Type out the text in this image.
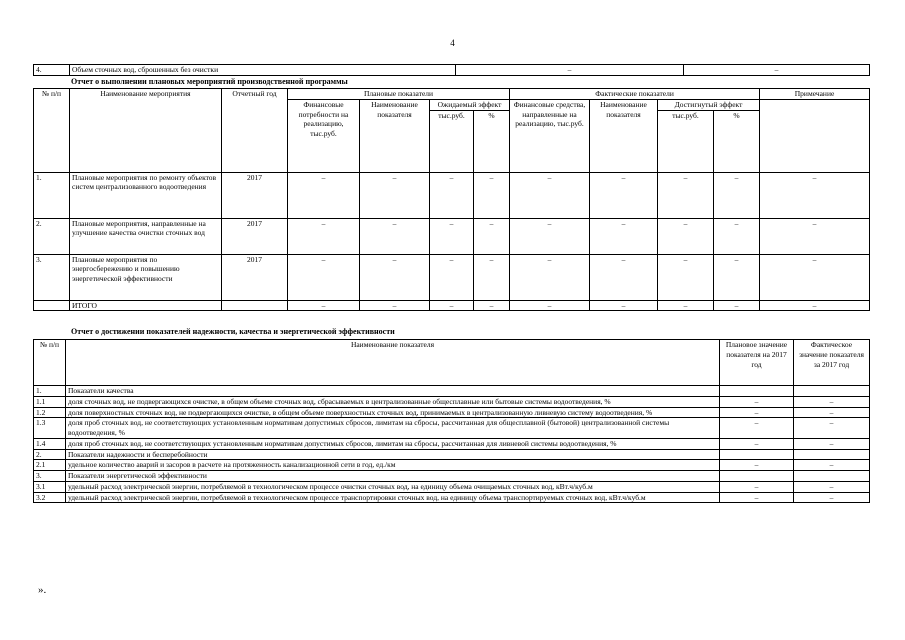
4
4.	Объем сточных вод, сброшенных без очистки	–	–
Отчет о выполнении плановых мероприятий производственной программы
№ п/п	Наименование мероприятия	Отчетный год	Плановые показатели				Фактические показатели				Примечание
			Финансовые потребности на реализацию, тыс.руб.	Наименование показателя	Ожидаемый эффект		Финансовые средства, направленные на реализацию, тыс.руб.	Наименование показателя	Достигнутый эффект		
					тыс.руб.	%			тыс.руб.	%	
1.	Плановые мероприятия по ремонту объектов систем централизованного водоотведения	2017	–	–	–	–	–	–	–	–	–
2.	Плановые мероприятия, направленные на улучшение качества очистки сточных вод	2017	–	–	–	–	–	–	–	–	–
3.	Плановые мероприятия по энергосбережению и повышению энергетической эффективности	2017	–	–	–	–	–	–	–	–	–
	ИТОГО		–	–	–	–	–	–	–	–	–
Отчет о достижении показателей надежности, качества и энергетической эффективности
№ п/п	Наименование показателя	Плановое значение показателя на 2017 год	Фактическое значение показателя за 2017 год
1.	Показатели качества		
1.1	доля сточных вод, не подвергающихся очистке, в общем объеме сточных вод, сбрасываемых в централизованные общесплавные или бытовые системы водоотведения, %	–	–
1.2	доля поверхностных сточных вод, не подвергающихся очистке, в общем объеме поверхностных сточных вод, принимаемых в централизованную ливневую систему водоотведения, %	–	–
1.3	доля проб сточных вод, не соответствующих установленным нормативам допустимых сбросов, лимитам на сбросы, рассчитанная для общесплавной (бытовой) централизованной системы водоотведения, %	–	–
1.4	доля проб сточных вод, не соответствующих установленным нормативам допустимых сбросов, лимитам на сбросы, рассчитанная для ливневой системы водоотведения, %	–	–
2.	Показатели надежности и бесперебойности		
2.1	удельное количество аварий и засоров в расчете на протяженность канализационной сети в год, ед./км	–	–
3.	Показатели энергетической эффективности		
3.1	удельный расход электрической энергии, потребляемой в технологическом процессе очистки сточных вод, на единицу объема очищаемых сточных вод, кВт.ч/куб.м	–	–
3.2	удельный расход электрической энергии, потребляемой в технологическом процессе транспортировки сточных вод, на единицу объема транспортируемых сточных вод, кВт.ч/куб.м	–	–
».
